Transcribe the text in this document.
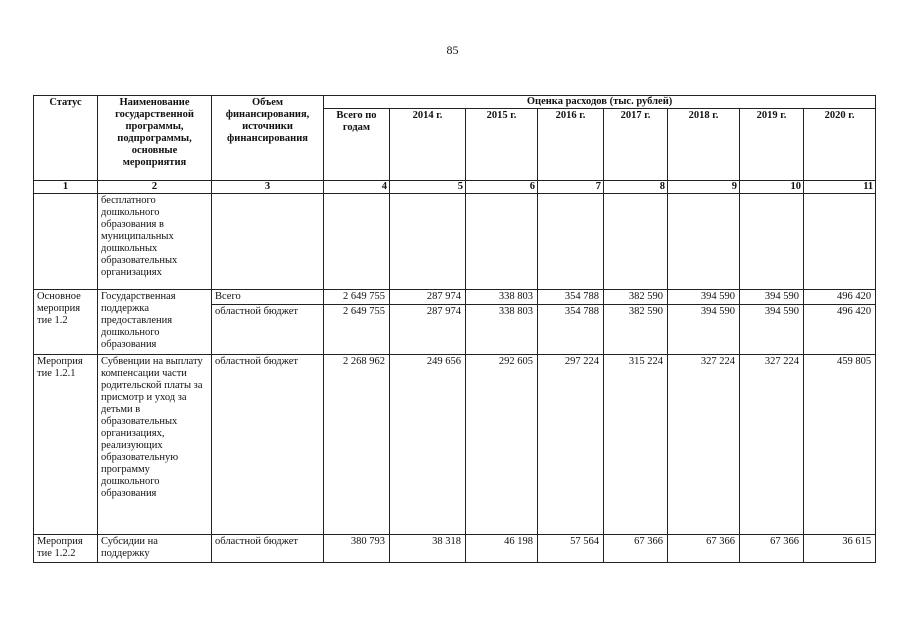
85
Статус	Наименование государственной программы, подпрограммы, основные мероприятия	Объем финансирования, источники финансирования	Оценка расходов (тыс. рублей)							
			Всего по годам	2014 г.	2015 г.	2016 г.	2017 г.	2018 г.	2019 г.	2020 г.
1	2	3	4	5	6	7	8	9	10	11
	бесплатного дошкольного образования в муниципальных дошкольных образовательных организациях									
Основное мероприя тие 1.2	Государственная поддержка предоставления дошкольного образования	Всего	2 649 755	287 974	338 803	354 788	382 590	394 590	394 590	496 420
		областной бюджет	2 649 755	287 974	338 803	354 788	382 590	394 590	394 590	496 420
Мероприя тие 1.2.1	Субвенции на выплату компенсации части родительской платы за присмотр и уход за детьми в образовательных организациях, реализующих образовательную программу дошкольного образования	областной бюджет	2 268 962	249 656	292 605	297 224	315 224	327 224	327 224	459 805
Мероприя тие 1.2.2	Субсидии на поддержку	областной бюджет	380 793	38 318	46 198	57 564	67 366	67 366	67 366	36 615
